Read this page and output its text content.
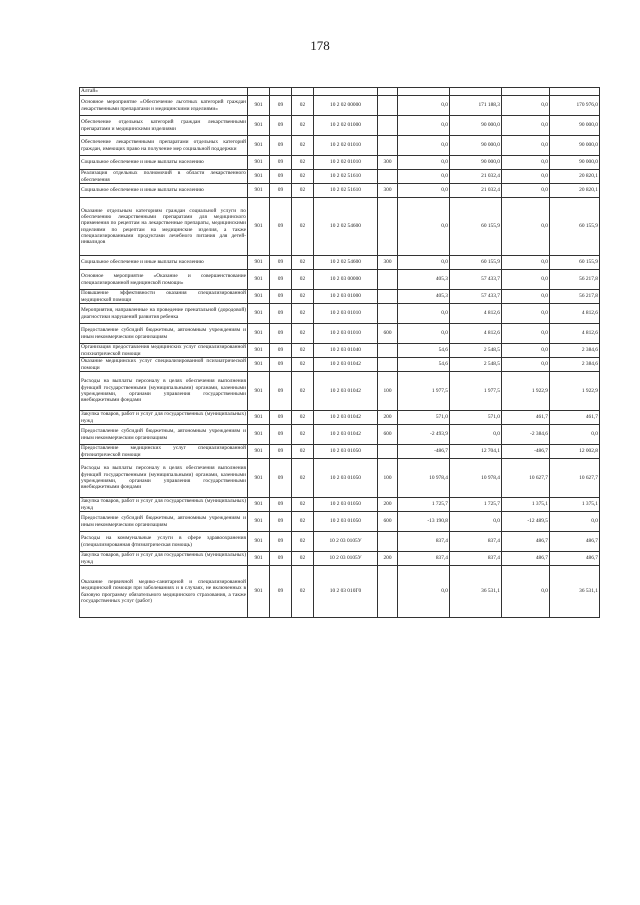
178
Алтай»									
Основное мероприятие «Обеспечение льготных категорий граждан лекарственными препаратами и медицинскими изделиями»	901	09	02	10 2 02 00000		0,0	171 188,3	0,0	170 976,0
Обеспечение отдельных категорий граждан лекарственными препаратами и медицинскими изделиями	901	09	02	10 2 02 01000		0,0	90 000,0	0,0	90 000,0
Обеспечение лекарственными препаратами отдельных категорий граждан, имеющих право на получение мер социальной поддержки	901	09	02	10 2 02 01010		0,0	90 000,0	0,0	90 000,0
Социальное обеспечение и иные выплаты населению	901	09	02	10 2 02 01010	300	0,0	90 000,0	0,0	90 000,0
Реализация отдельных полномочий в области лекарственного обеспечения	901	09	02	10 2 02 51610		0,0	21 032,4	0,0	20 820,1
Социальное обеспечение и иные выплаты населению	901	09	02	10 2 02 51610	300	0,0	21 032,4	0,0	20 820,1
Оказание отдельным категориям граждан социальной услуги по обеспечению лекарственными препаратами для медицинского применения по рецептам на лекарственные препараты, медицинскими изделиями по рецептам на медицинские изделия, а также специализированными продуктами лечебного питания для детей-инвалидов	901	09	02	10 2 02 54600		0,0	60 155,9	0,0	60 155,9
Социальное обеспечение и иные выплаты населению	901	09	02	10 2 02 54600	300	0,0	60 155,9	0,0	60 155,9
Основное мероприятие «Оказание и совершенствование специализированной медицинской помощи»	901	09	02	10 2 03 00000		405,3	57 433,7	0,0	56 217,8
Повышение эффективности оказания специализированной медицинской помощи	901	09	02	10 2 03 01000		405,3	57 433,7	0,0	56 217,8
Мероприятия, направленные на проведение пренатальной (дородовой) диагностики нарушений развития ребенка	901	09	02	10 2 03 01010		0,0	4 812,6	0,0	4 812,6
Предоставление субсидий бюджетным, автономным учреждениям и иным некоммерческим организациям	901	09	02	10 2 03 01010	600	0,0	4 812,6	0,0	4 812,6
Организация предоставления медицинских услуг специализированной психиатрической помощи	901	09	02	10 2 03 01040		54,6	2 548,5	0,0	2 384,6
Оказание медицинских услуг специализированной психиатрической помощи	901	09	02	10 2 03 01042		54,6	2 548,5	0,0	2 384,6
Расходы на выплаты персоналу в целях обеспечения выполнения функций государственными (муниципальными) органами, казенными учреждениями, органами управления государственными внебюджетными фондами	901	09	02	10 2 03 01042	100	1 977,5	1 977,5	1 922,9	1 922,9
Закупка товаров, работ и услуг для государственных (муниципальных) нужд	901	09	02	10 2 03 01042	200	571,0	571,0	461,7	461,7
Предоставление субсидий бюджетным, автономным учреждениям и иным некоммерческим организациям	901	09	02	10 2 03 01042	600	-2 493,9	0,0	-2 384,6	0,0
Предоставление медицинских услуг специализированной фтизиатрической помощи	901	09	02	10 2 03 01050		-486,7	12 704,1	-486,7	12 002,8
Расходы на выплаты персоналу в целях обеспечения выполнения функций государственными (муниципальными) органами, казенными учреждениями, органами управления государственными внебюджетными фондами	901	09	02	10 2 03 01050	100	10 978,4	10 978,4	10 627,7	10 627,7
Закупка товаров, работ и услуг для государственных (муниципальных) нужд	901	09	02	10 2 03 01050	200	1 725,7	1 725,7	1 375,1	1 375,1
Предоставление субсидий бюджетным, автономным учреждениям и иным некоммерческим организациям	901	09	02	10 2 03 01050	600	-13 190,8	0,0	-12 489,5	0,0
Расходы на коммунальные услуги в сфере здравоохранения (специализированная фтизиатрическая помощь)	901	09	02	10 2 03 0105У		837,4	837,4	486,7	486,7
Закупка товаров, работ и услуг для государственных (муниципальных) нужд	901	09	02	10 2 03 0105У	200	837,4	837,4	486,7	486,7
Оказание первичной медико-санитарной и специализированной медицинской помощи при заболеваниях и в случаях, не включенных в базовую программу обязательного медицинского страхования, а также государственных услуг (работ)	901	09	02	10 2 03 010Г0		0,0	36 531,1	0,0	36 531,1
